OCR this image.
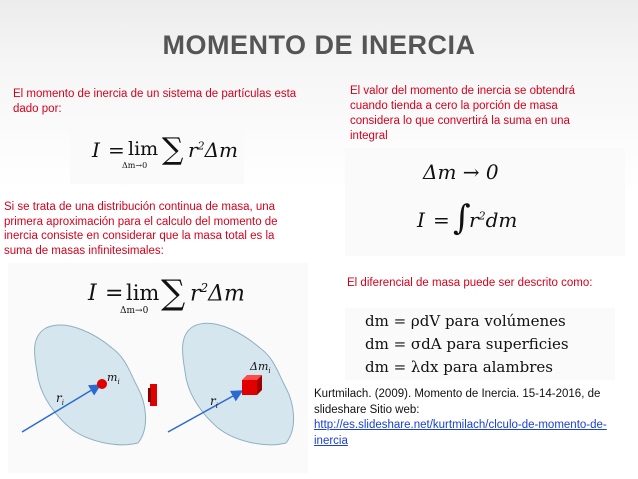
MOMENTO DE INERCIA
El momento de inercia de un sistema de partículas esta dado por:
El valor del momento de inercia se obtendrá cuando tienda a cero la porción de masa considera lo que convertirá la suma en una integral
I = lim
Δm→0 ∑ $r^2\Delta m$
Δm → 0
I = ∫
$r^2dm$
Si se trata de una distribución continua de masa, una primera aproximación para el calculo del momento de inercia consiste en considerar que la masa total es la suma de masas infinitesimales:
I = lim
Δm→0 ∑ $r^2\Delta m$
$m_i$
$r_i$
$\Delta m_i$
$r_i$
El diferencial de masa puede ser descrito como:
dm = ρdV para volúmenes
dm = σdA para superficies
dm = λdx para alambres
Kurtmilach. (2009). Momento de Inercia. 15-14-2016, de slideshare Sitio web:
http://es.slideshare.net/kurtmilach/clculo-de-momento-de-inercia
